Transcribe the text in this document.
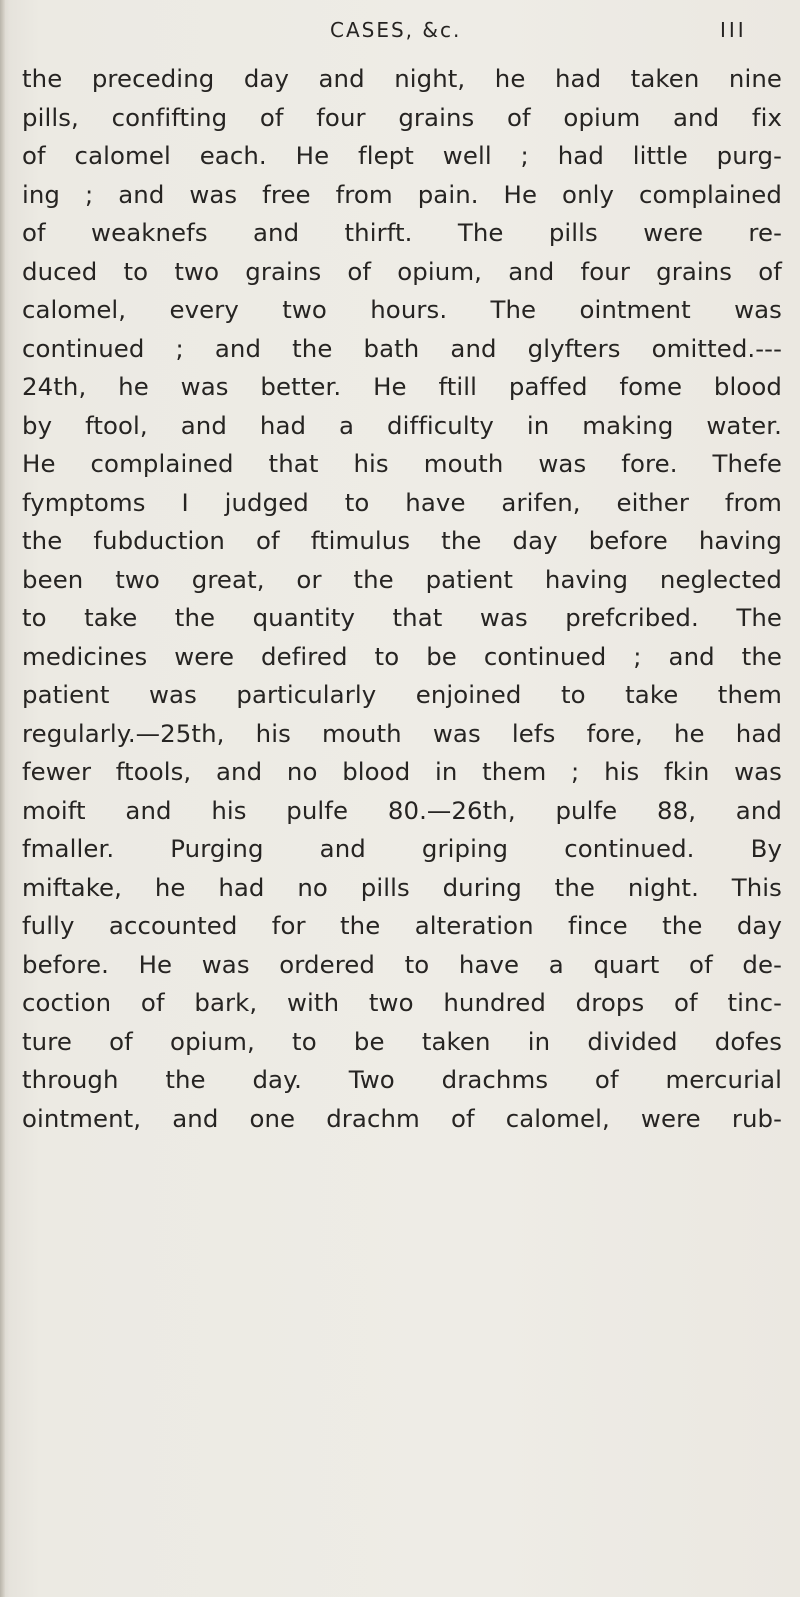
CASES, &c.	III
the preceding day and night, he had taken nine
pills, confifting of four grains of opium and fix
of calomel each. He flept well ; had little purg-
ing ; and was free from pain. He only complained
of weaknefs and thirft. The pills were re-
duced to two grains of opium, and four grains of
calomel, every two hours. The ointment was
continued ; and the bath and glyfters omitted.---
24th, he was better. He ftill paffed fome blood
by ftool, and had a difficulty in making water.
He complained that his mouth was fore. Thefe
fymptoms I judged to have arifen, either from
the fubduction of ftimulus the day before having
been two great, or the patient having neglected
to take the quantity that was prefcribed. The
medicines were defired to be continued ; and the
patient was particularly enjoined to take them
regularly.—25th, his mouth was lefs fore, he had
fewer ftools, and no blood in them ; his fkin was
moift and his pulfe 80.—26th, pulfe 88, and
fmaller. Purging and griping continued. By
miftake, he had no pills during the night. This
fully accounted for the alteration fince the day
before. He was ordered to have a quart of de-
coction of bark, with two hundred drops of tinc-
ture of opium, to be taken in divided dofes
through the day. Two drachms of mercurial
ointment, and one drachm of calomel, were rub-
